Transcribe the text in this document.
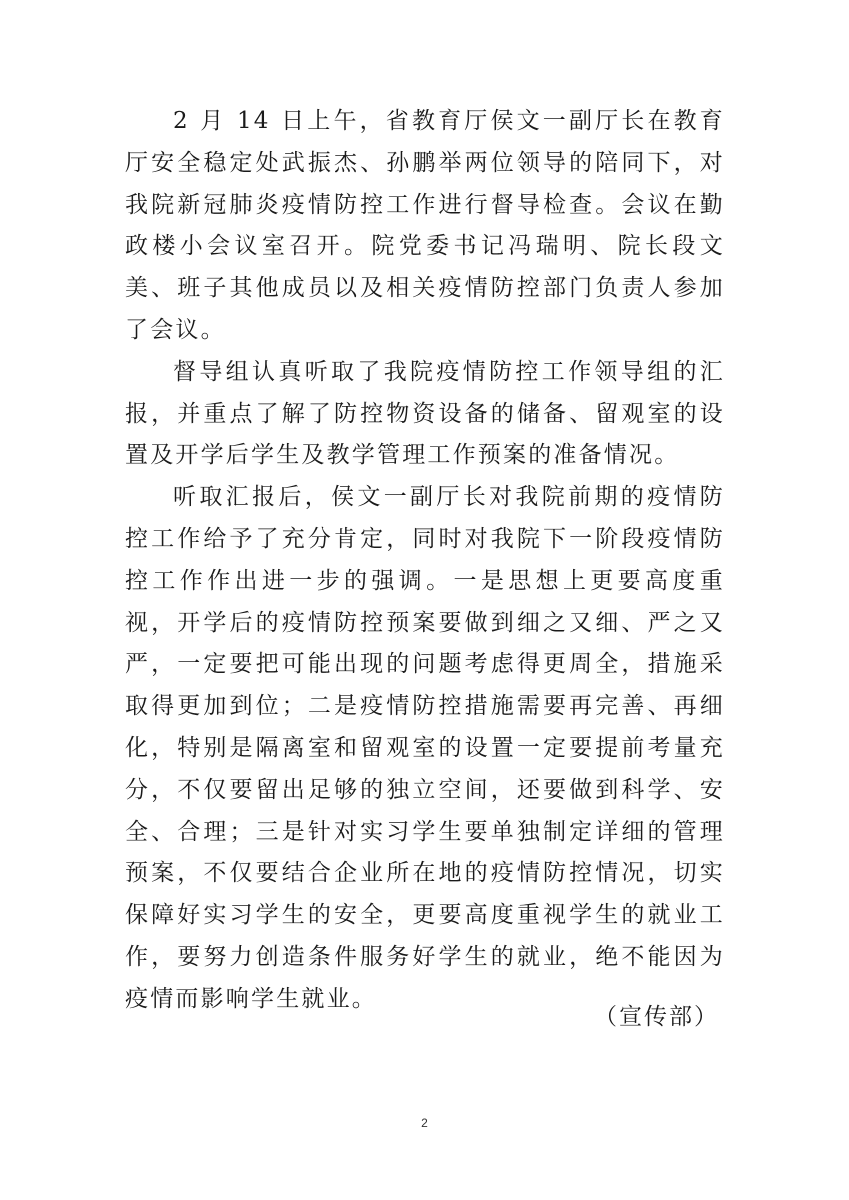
2 月 14 日上午，省教育厅侯文一副厅长在教育厅安全稳定处武振杰、孙鹏举两位领导的陪同下，对我院新冠肺炎疫情防控工作进行督导检查。会议在勤政楼小会议室召开。院党委书记冯瑞明、院长段文美、班子其他成员以及相关疫情防控部门负责人参加了会议。

督导组认真听取了我院疫情防控工作领导组的汇报，并重点了解了防控物资设备的储备、留观室的设置及开学后学生及教学管理工作预案的准备情况。

听取汇报后，侯文一副厅长对我院前期的疫情防控工作给予了充分肯定，同时对我院下一阶段疫情防控工作作出进一步的强调。一是思想上更要高度重视，开学后的疫情防控预案要做到细之又细、严之又严，一定要把可能出现的问题考虑得更周全，措施采取得更加到位；二是疫情防控措施需要再完善、再细化，特别是隔离室和留观室的设置一定要提前考量充分，不仅要留出足够的独立空间，还要做到科学、安全、合理；三是针对实习学生要单独制定详细的管理预案，不仅要结合企业所在地的疫情防控情况，切实保障好实习学生的安全，更要高度重视学生的就业工作，要努力创造条件服务好学生的就业，绝不能因为疫情而影响学生就业。

（宣传部）
2
